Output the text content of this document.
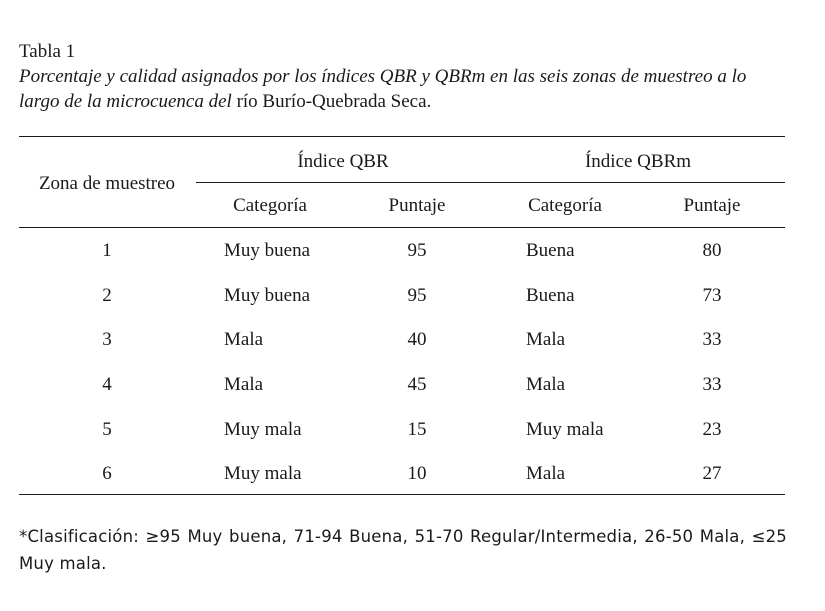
Tabla 1
Porcentaje y calidad asignados por los índices QBR y QBRm en las seis zonas de muestreo a lo largo de la microcuenca del río Burío-Quebrada Seca.
Zona de muestreo
Índice QBR	Índice QBRm
Categoría	Puntaje	Categoría	Puntaje
1	Muy buena	95	Buena	80
2	Muy buena	95	Buena	73
3	Mala	40	Mala	33
4	Mala	45	Mala	33
5	Muy mala	15	Muy mala	23
6	Muy mala	10	Mala	27
*Clasificación: ≥95 Muy buena, 71-94 Buena, 51-70 Regular/Intermedia, 26-50 Mala, ≤25 Muy mala.
